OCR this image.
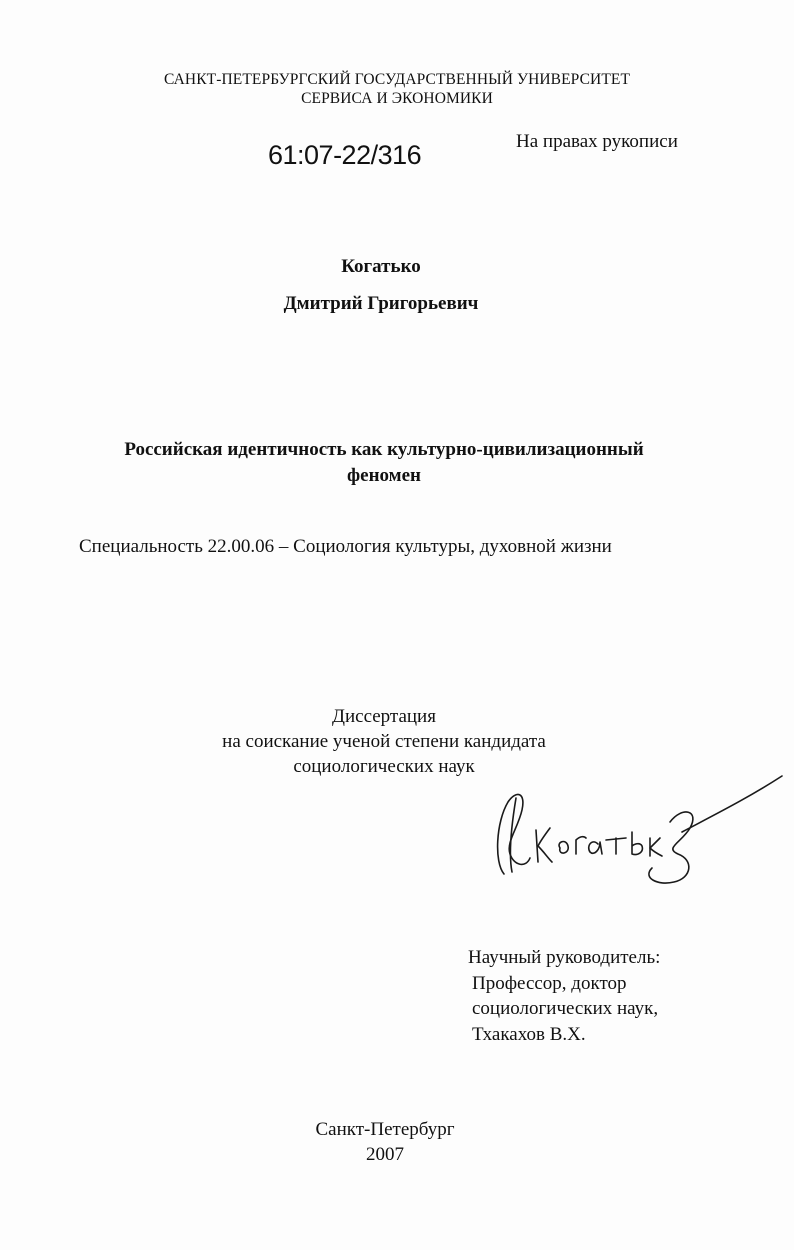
САНКТ-ПЕТЕРБУРГСКИЙ ГОСУДАРСТВЕННЫЙ УНИВЕРСИТЕТ
СЕРВИСА И ЭКОНОМИКИ
61:07-22/316	На правах рукописи
Когатько
Дмитрий Григорьевич
Российская идентичность как культурно-цивилизационный
феномен
Специальность 22.00.06 – Социология культуры, духовной жизни
Диссертация
на соискание ученой степени кандидата
социологических наук
Научный руководитель:
Профессор, доктор
социологических наук,
Тхакахов В.Х.
Санкт-Петербург
2007
